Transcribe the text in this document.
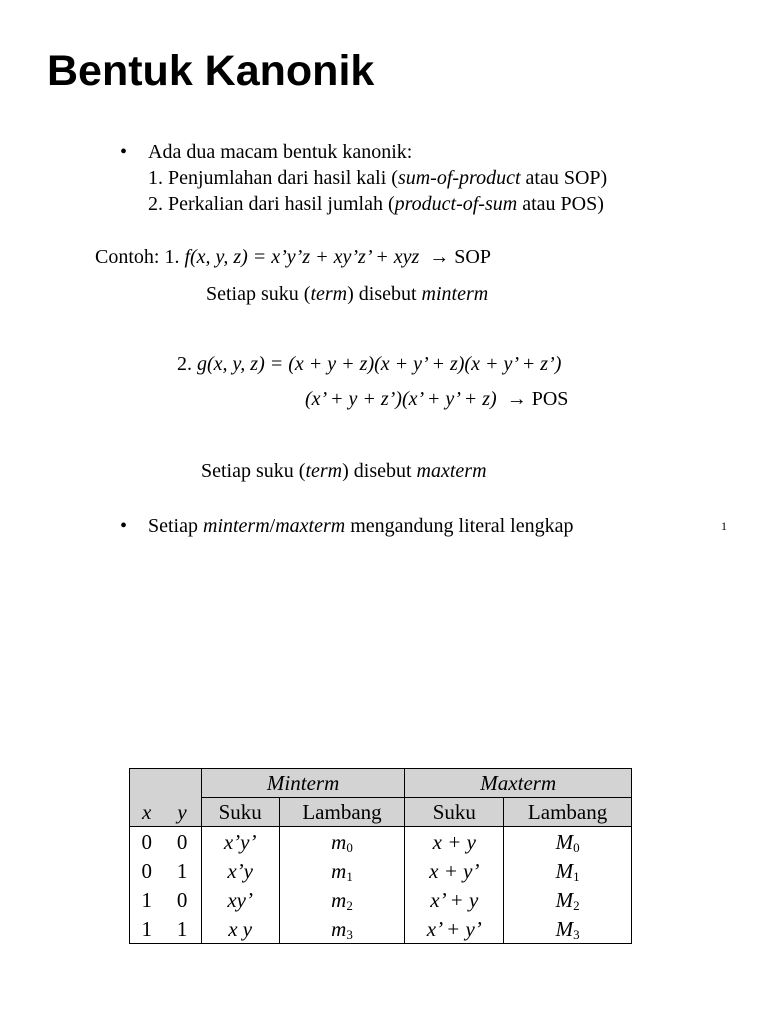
Bentuk Kanonik
• Ada dua macam bentuk kanonik:
1. Penjumlahan dari hasil kali (sum-of-product atau SOP)
2. Perkalian dari hasil jumlah (product-of-sum atau POS)
Contoh: 1. f(x, y, z) = x’y’z + xy’z’ + xyz → SOP
Setiap suku (term) disebut minterm
2. g(x, y, z) = (x + y + z)(x + y’ + z)(x + y’ + z’)
(x’ + y + z’)(x’ + y’ + z) → POS
Setiap suku (term) disebut maxterm
• Setiap minterm/maxterm mengandung literal lengkap	1
		Minterm		Maxterm	
x	y	Suku	Lambang	Suku	Lambang
0	0	x’y’	$m_0$	x + y	$M_0$
0	1	x’y	$m_1$	x + y’	$M_1$
1	0	xy’	$m_2$	x’ + y	$M_2$
1	1	x y	$m_3$	x’ + y’	$M_3$
